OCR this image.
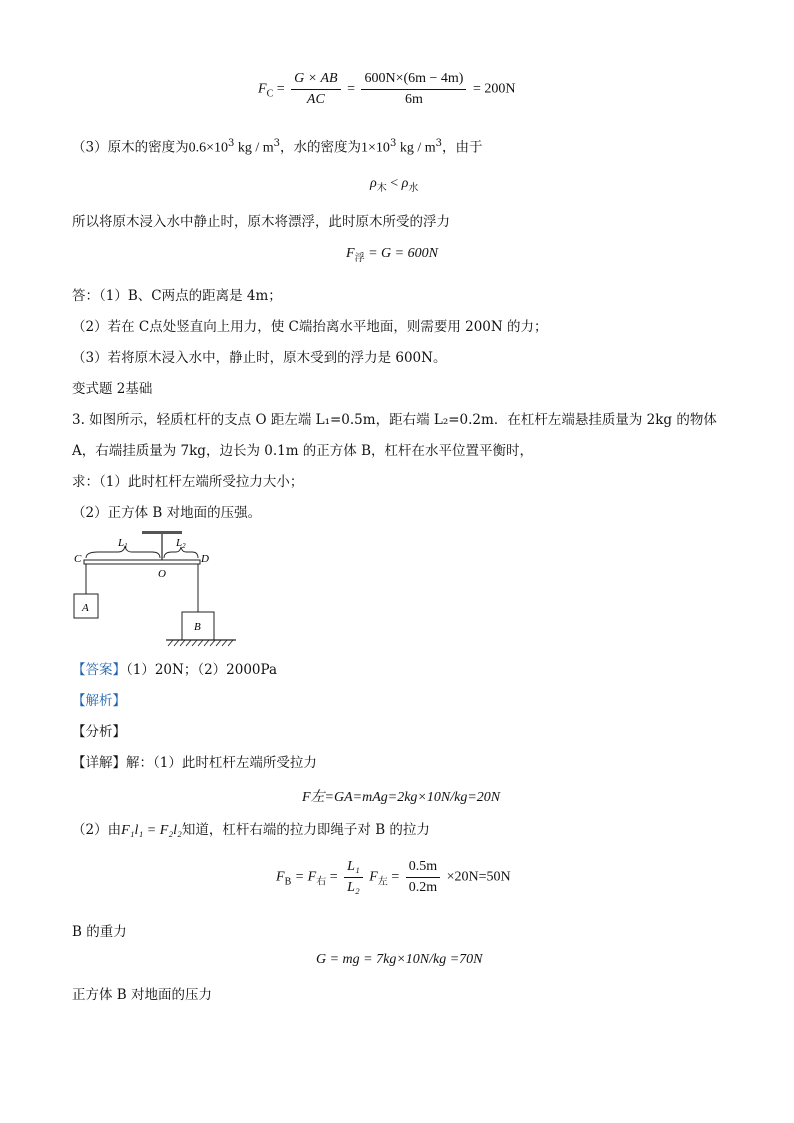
$F_C = \frac{G \times AB}{AC} = \frac{600N\times(6m - 4m)}{6m} = 200N$
（3）原木的密度为$0.6\times 10^3$ kg / $m^3$，水的密度为$1\times 10^3$ kg / $m^3$，由于
$\rho_木 < \rho_水$
所以将原木浸入水中静止时，原木将漂浮，此时原木所受的浮力
$F_浮 = G = 600N$
答：（1）B、C两点的距离是 4m；
（2）若在 C点处竖直向上用力，使 C端抬离水平地面，则需要用 200N 的力；
（3）若将原木浸入水中，静止时，原木受到的浮力是 600N。
变式题 2基础
3. 如图所示，轻质杠杆的支点 O 距左端 L₁=0.5m，距右端 L₂=0.2m．在杠杆左端悬挂质量为 2kg 的物体
A，右端挂质量为 7kg，边长为 0.1m 的正方体 B，杠杆在水平位置平衡时，
求：（1）此时杠杆左端所受拉力大小；
（2）正方体 B 对地面的压强。
L1	L2
C	D
O
A
B
【答案】（1）20N；（2）2000Pa
【解析】
【分析】
【详解】解：（1）此时杠杆左端所受拉力
F左=GA=mAg=2kg×10N/kg=20N
（2）由F₁l₁ = F₂l₂知道，杠杆右端的拉力即绳子对 B 的拉力
$F_B = F_右 = \frac{\text{L₁}}{\text{L₂}} F_左 = \frac{0.5m}{0.2m} \times 20N=50N$
B 的重力
G = mg = 7kg×10N/kg =70N
正方体 B 对地面的压力
